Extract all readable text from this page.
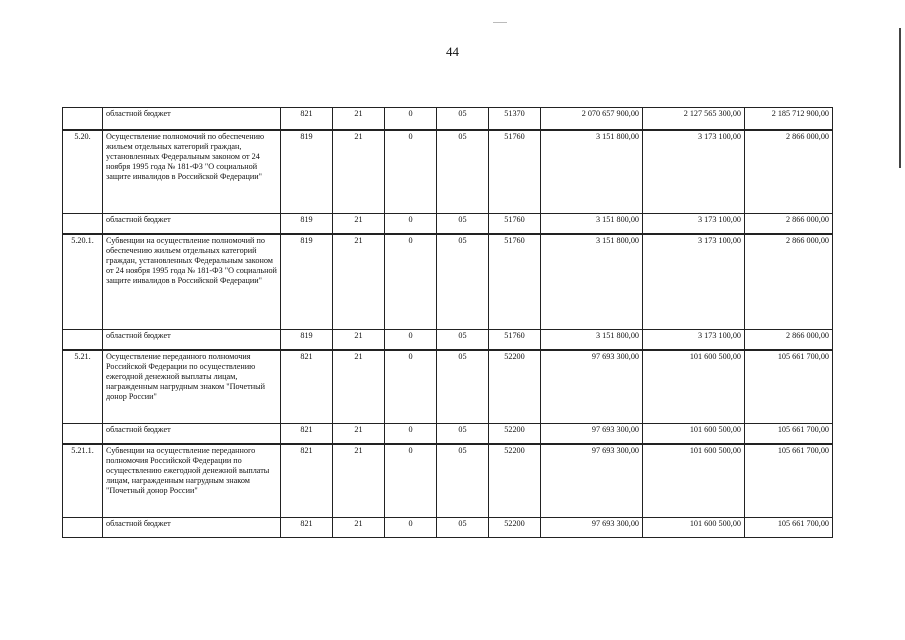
44
	областной бюджет	821	21	0	05	51370	2 070 657 900,00	2 127 565 300,00	2 185 712 900,00
5.20.	Осуществление полномочий по обеспечению жильем отдельных категорий граждан, установленных Федеральным законом от 24 ноября 1995 года № 181-ФЗ "О социальной защите инвалидов в Российской Федерации"	819	21	0	05	51760	3 151 800,00	3 173 100,00	2 866 000,00
	областной бюджет	819	21	0	05	51760	3 151 800,00	3 173 100,00	2 866 000,00
5.20.1.	Субвенции на осуществление полномочий по обеспечению жильем отдельных категорий граждан, установленных Федеральным законом от 24 ноября 1995 года № 181-ФЗ "О социальной защите инвалидов в Российской Федерации"	819	21	0	05	51760	3 151 800,00	3 173 100,00	2 866 000,00
	областной бюджет	819	21	0	05	51760	3 151 800,00	3 173 100,00	2 866 000,00
5.21.	Осуществление переданного полномочия Российской Федерации по осуществлению ежегодной денежной выплаты лицам, награжденным нагрудным знаком "Почетный донор России"	821	21	0	05	52200	97 693 300,00	101 600 500,00	105 661 700,00
	областной бюджет	821	21	0	05	52200	97 693 300,00	101 600 500,00	105 661 700,00
5.21.1.	Субвенции на осуществление переданного полномочия Российской Федерации по осуществлению ежегодной денежной выплаты лицам, награжденным нагрудным знаком "Почетный донор России"	821	21	0	05	52200	97 693 300,00	101 600 500,00	105 661 700,00
	областной бюджет	821	21	0	05	52200	97 693 300,00	101 600 500,00	105 661 700,00
